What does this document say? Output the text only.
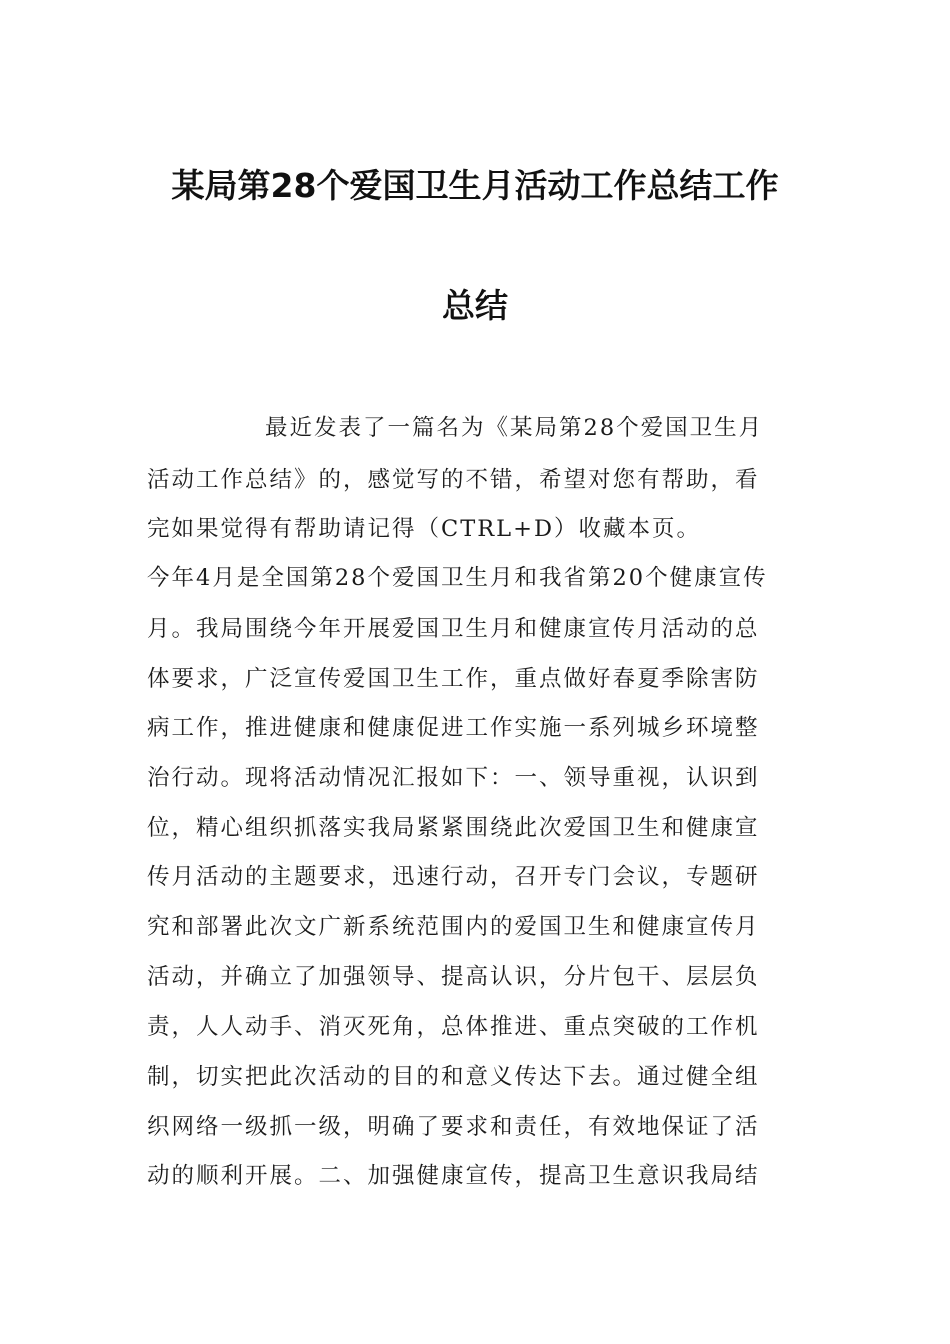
某局第28个爱国卫生月活动工作总结工作
总结
最近发表了一篇名为《某局第28个爱国卫生月
活动工作总结》的，感觉写的不错，希望对您有帮助，看
完如果觉得有帮助请记得（CTRL+D）收藏本页。
今年4月是全国第28个爱国卫生月和我省第20个健康宣传
月。我局围绕今年开展爱国卫生月和健康宣传月活动的总
体要求，广泛宣传爱国卫生工作，重点做好春夏季除害防
病工作，推进健康和健康促进工作实施一系列城乡环境整
治行动。现将活动情况汇报如下：一、领导重视，认识到
位，精心组织抓落实我局紧紧围绕此次爱国卫生和健康宣
传月活动的主题要求，迅速行动，召开专门会议，专题研
究和部署此次文广新系统范围内的爱国卫生和健康宣传月
活动，并确立了加强领导、提高认识，分片包干、层层负
责，人人动手、消灭死角，总体推进、重点突破的工作机
制，切实把此次活动的目的和意义传达下去。通过健全组
织网络一级抓一级，明确了要求和责任，有效地保证了活
动的顺利开展。二、加强健康宣传，提高卫生意识我局结
